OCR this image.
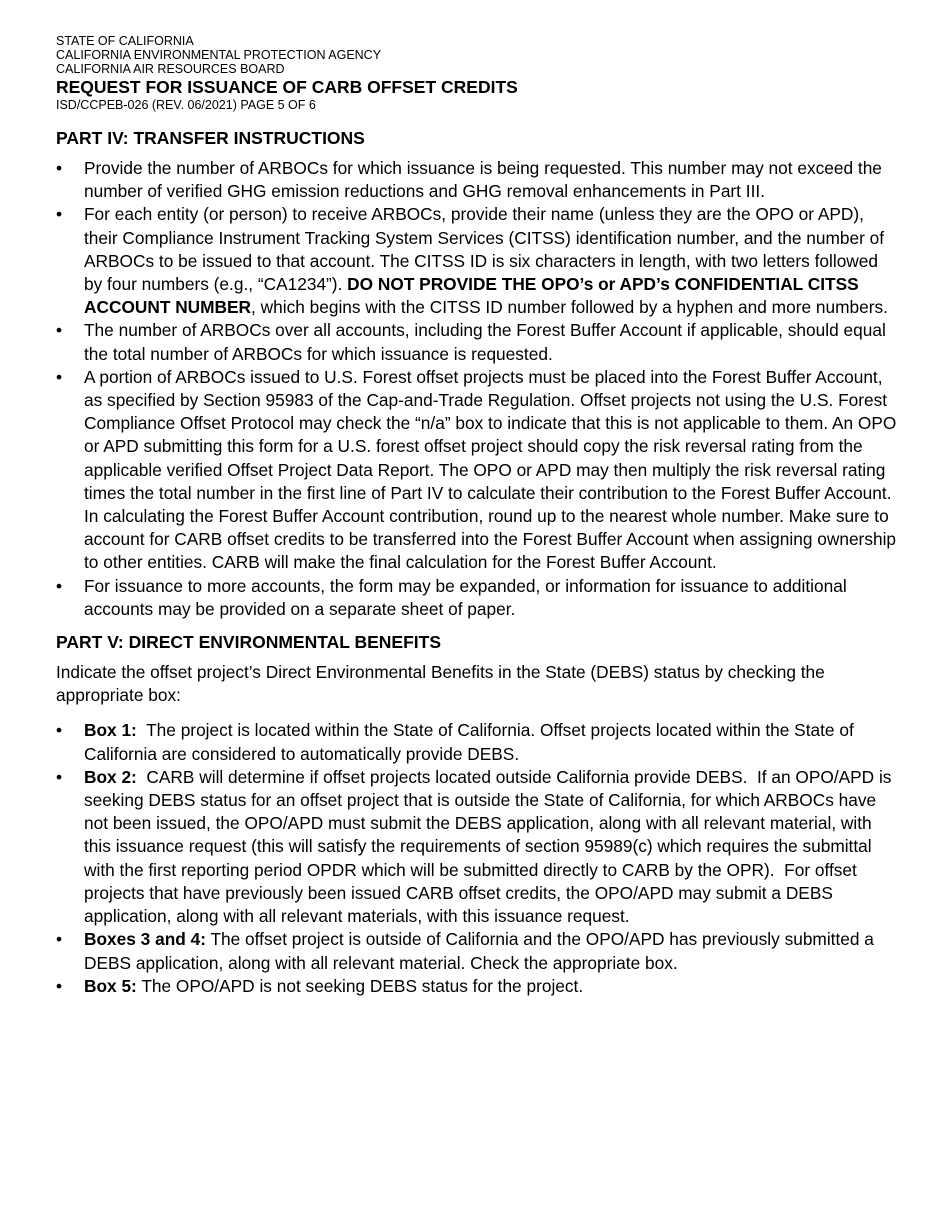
STATE OF CALIFORNIA
CALIFORNIA ENVIRONMENTAL PROTECTION AGENCY
CALIFORNIA AIR RESOURCES BOARD
REQUEST FOR ISSUANCE OF CARB OFFSET CREDITS
ISD/CCPEB-026 (REV. 06/2021) PAGE 5 OF 6
PART IV: TRANSFER INSTRUCTIONS
•	Provide the number of ARBOCs for which issuance is being requested. This number may not exceed the number of verified GHG emission reductions and GHG removal enhancements in Part III.
•	For each entity (or person) to receive ARBOCs, provide their name (unless they are the OPO or APD), their Compliance Instrument Tracking System Services (CITSS) identification number, and the number of ARBOCs to be issued to that account. The CITSS ID is six characters in length, with two letters followed by four numbers (e.g., “CA1234”). DO NOT PROVIDE THE OPO’s or APD’s CONFIDENTIAL CITSS ACCOUNT NUMBER, which begins with the CITSS ID number followed by a hyphen and more numbers.
•	The number of ARBOCs over all accounts, including the Forest Buffer Account if applicable, should equal the total number of ARBOCs for which issuance is requested.
•	A portion of ARBOCs issued to U.S. Forest offset projects must be placed into the Forest Buffer Account, as specified by Section 95983 of the Cap-and-Trade Regulation. Offset projects not using the U.S. Forest Compliance Offset Protocol may check the “n/a” box to indicate that this is not applicable to them. An OPO or APD submitting this form for a U.S. forest offset project should copy the risk reversal rating from the applicable verified Offset Project Data Report. The OPO or APD may then multiply the risk reversal rating times the total number in the first line of Part IV to calculate their contribution to the Forest Buffer Account. In calculating the Forest Buffer Account contribution, round up to the nearest whole number. Make sure to account for CARB offset credits to be transferred into the Forest Buffer Account when assigning ownership to other entities. CARB will make the final calculation for the Forest Buffer Account.
•	For issuance to more accounts, the form may be expanded, or information for issuance to additional accounts may be provided on a separate sheet of paper.
PART V: DIRECT ENVIRONMENTAL BENEFITS

Indicate the offset project’s Direct Environmental Benefits in the State (DEBS) status by checking the appropriate box:

•	Box 1:  The project is located within the State of California. Offset projects located within the State of California are considered to automatically provide DEBS.
•	Box 2:  CARB will determine if offset projects located outside California provide DEBS.  If an OPO/APD is seeking DEBS status for an offset project that is outside the State of California, for which ARBOCs have not been issued, the OPO/APD must submit the DEBS application, along with all relevant material, with this issuance request (this will satisfy the requirements of section 95989(c) which requires the submittal with the first reporting period OPDR which will be submitted directly to CARB by the OPR).  For offset projects that have previously been issued CARB offset credits, the OPO/APD may submit a DEBS application, along with all relevant materials, with this issuance request.
•	Boxes 3 and 4: The offset project is outside of California and the OPO/APD has previously submitted a DEBS application, along with all relevant material. Check the appropriate box.
•	Box 5: The OPO/APD is not seeking DEBS status for the project.
